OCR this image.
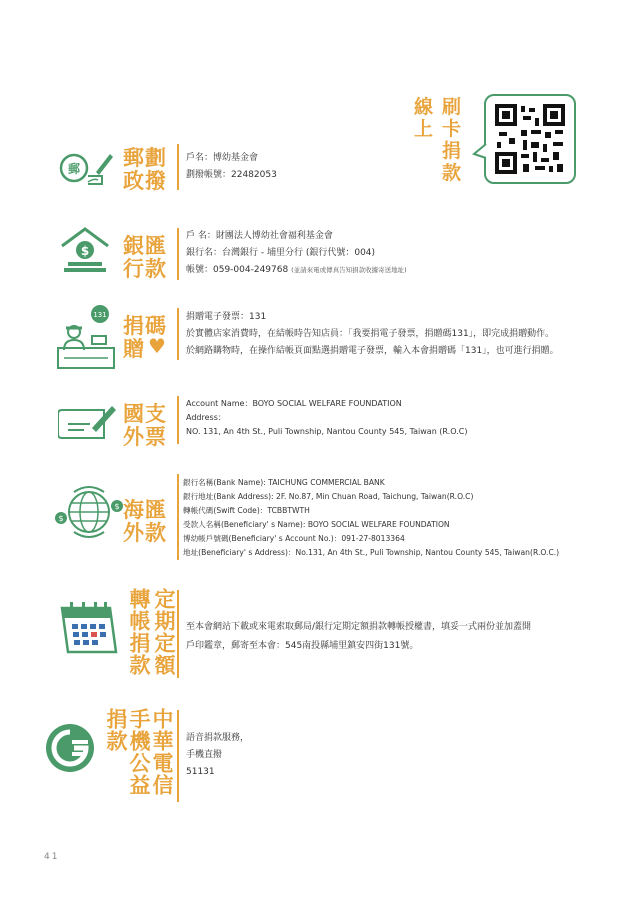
線上
刷卡捐款
郵 郵劃
政撥
戶名：博幼基金會
劃撥帳號：22482053
$ 銀匯
行款
戶 名：財團法人博幼社會福利基金會
銀行名：台灣銀行 - 埔里分行 (銀行代號：004)
帳號：059-004-249768 (並請來電或傳真告知捐款收據寄送地址)
131 捐碼
贈 ♥
捐贈電子發票：131
於實體店家消費時，在結帳時告知店員：「我要捐電子發票，捐贈碼131」，即完成捐贈動作。
於網路購物時，在操作結帳頁面點選捐贈電子發票，輸入本會捐贈碼「131」，也可進行捐贈。
國支
外票
Account Name：BOYO SOCIAL WELFARE FOUNDATION
Address：
NO. 131, An 4th St., Puli Township, Nantou County 545, Taiwan (R.O.C)
$
$ 海匯
外款
銀行名稱(Bank Name): TAICHUNG COMMERCIAL BANK
銀行地址(Bank Address): 2F. No.87, Min Chuan Road, Taichung, Taiwan(R.O.C)
轉帳代碼(Swift Code)：TCBBTWTH
受款人名稱(Beneficiary' s Name): BOYO SOCIAL WELFARE FOUNDATION
博幼帳戶號碼(Beneficiary' s Account No.)：091-27-8013364
地址(Beneficiary' s Address)：No.131, An 4th St., Puli Township, Nantou County 545, Taiwan(R.O.C.)
定期定額轉帳捐款	至本會網站下載或來電索取郵局/銀行定期定額捐款轉帳授權書，填妥一式兩份並加蓋開
戶印鑑章，郵寄至本會：545南投縣埔里鎮安四街131號。
中華電信手機公益捐款	語音捐款服務，
手機直撥
51131
41
